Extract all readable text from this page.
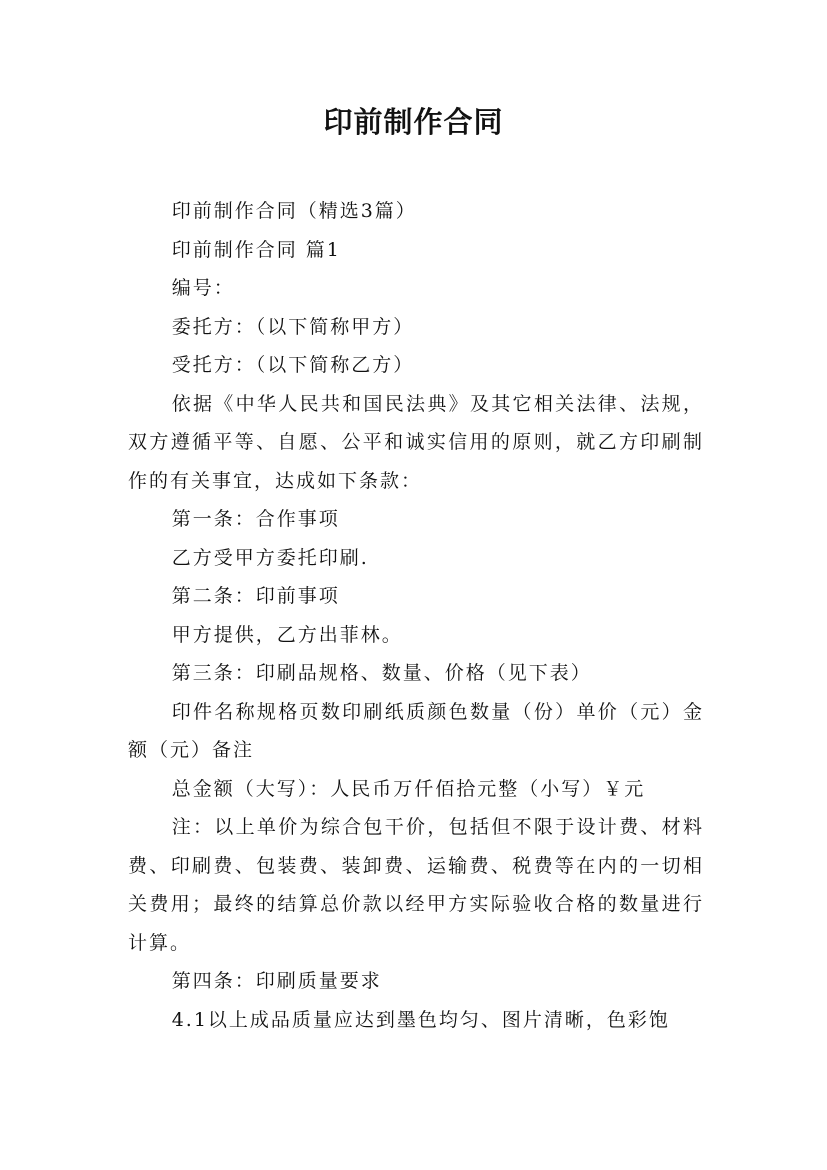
印前制作合同

印前制作合同（精选3篇）

印前制作合同 篇1

编号：

委托方：（以下简称甲方）

受托方：（以下简称乙方）

依据《中华人民共和国民法典》及其它相关法律、法规，双方遵循平等、自愿、公平和诚实信用的原则，就乙方印刷制作的有关事宜，达成如下条款：

第一条：合作事项

乙方受甲方委托印刷.

第二条：印前事项

甲方提供，乙方出菲林。

第三条：印刷品规格、数量、价格（见下表）

印件名称规格页数印刷纸质颜色数量（份）单价（元）金额（元）备注

总金额（大写）：人民币万仟佰拾元整（小写）￥元

注：以上单价为综合包干价，包括但不限于设计费、材料费、印刷费、包装费、装卸费、运输费、税费等在内的一切相关费用；最终的结算总价款以经甲方实际验收合格的数量进行计算。

第四条：印刷质量要求

4.1以上成品质量应达到墨色均匀、图片清晰，色彩饱
